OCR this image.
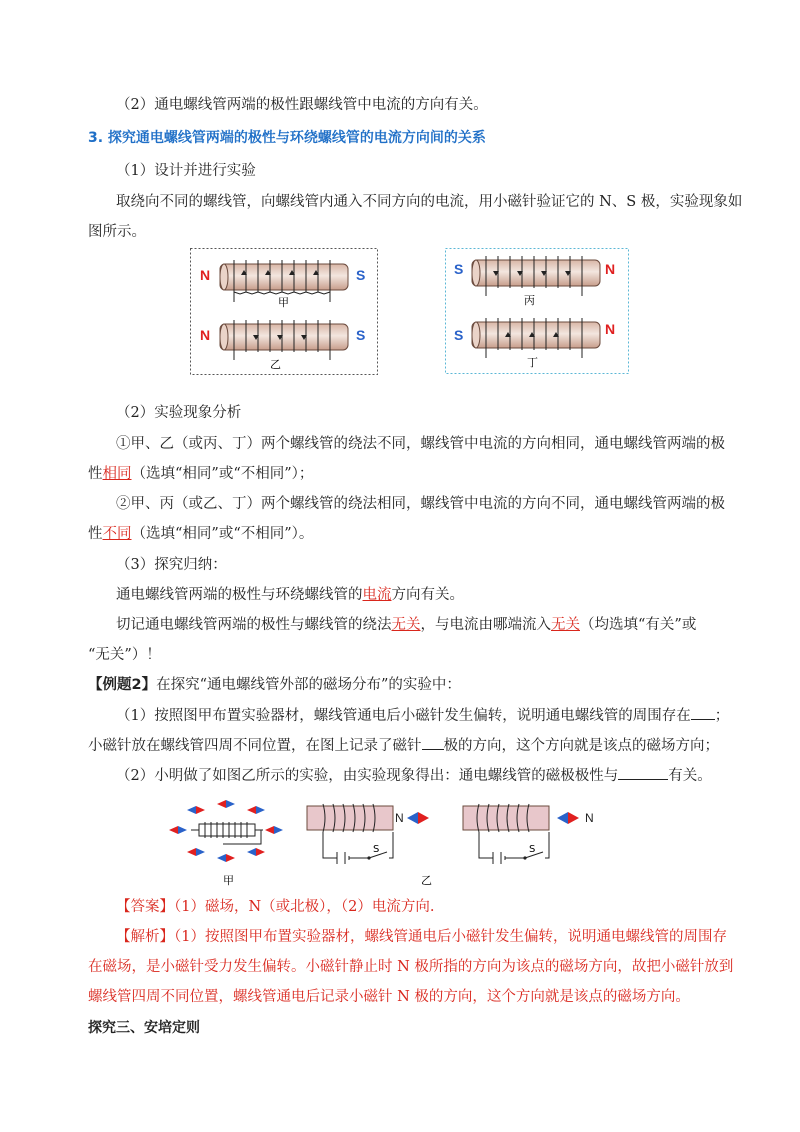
（2）通电螺线管两端的极性跟螺线管中电流的方向有关。
3. 探究通电螺线管两端的极性与环绕螺线管的电流方向间的关系
（1）设计并进行实验
取绕向不同的螺线管，向螺线管内通入不同方向的电流，用小磁针验证它的 N、S 极，实验现象如
图所示。
N	S
甲
N	S
乙
S	N
丙
S	N
丁
（2）实验现象分析
①甲、乙（或丙、丁）两个螺线管的绕法不同，螺线管中电流的方向相同，通电螺线管两端的极
性相同（选填“相同”或“不相同”）；
②甲、丙（或乙、丁）两个螺线管的绕法相同，螺线管中电流的方向不同，通电螺线管两端的极
性不同（选填“相同”或“不相同”）。
（3）探究归纳：
通电螺线管两端的极性与环绕螺线管的电流方向有关。
切记通电螺线管两端的极性与螺线管的绕法无关，与电流由哪端流入无关（均选填“有关”或
“无关”）！
【例题2】在探究“通电螺线管外部的磁场分布”的实验中：
（1）按照图甲布置实验器材，螺线管通电后小磁针发生偏转，说明通电螺线管的周围存在 ；
小磁针放在螺线管四周不同位置，在图上记录了磁针 极的方向，这个方向就是该点的磁场方向；
（2）小明做了如图乙所示的实验，由实验现象得出：通电螺线管的磁极极性与	有关。
甲
N
S
乙
S
N
【答案】（1）磁场，N（或北极），（2）电流方向.
【解析】（1）按照图甲布置实验器材，螺线管通电后小磁针发生偏转，说明通电螺线管的周围存
在磁场，是小磁针受力发生偏转。小磁针静止时 N 极所指的方向为该点的磁场方向，故把小磁针放到
螺线管四周不同位置，螺线管通电后记录小磁针 N 极的方向，这个方向就是该点的磁场方向。
探究三、安培定则
